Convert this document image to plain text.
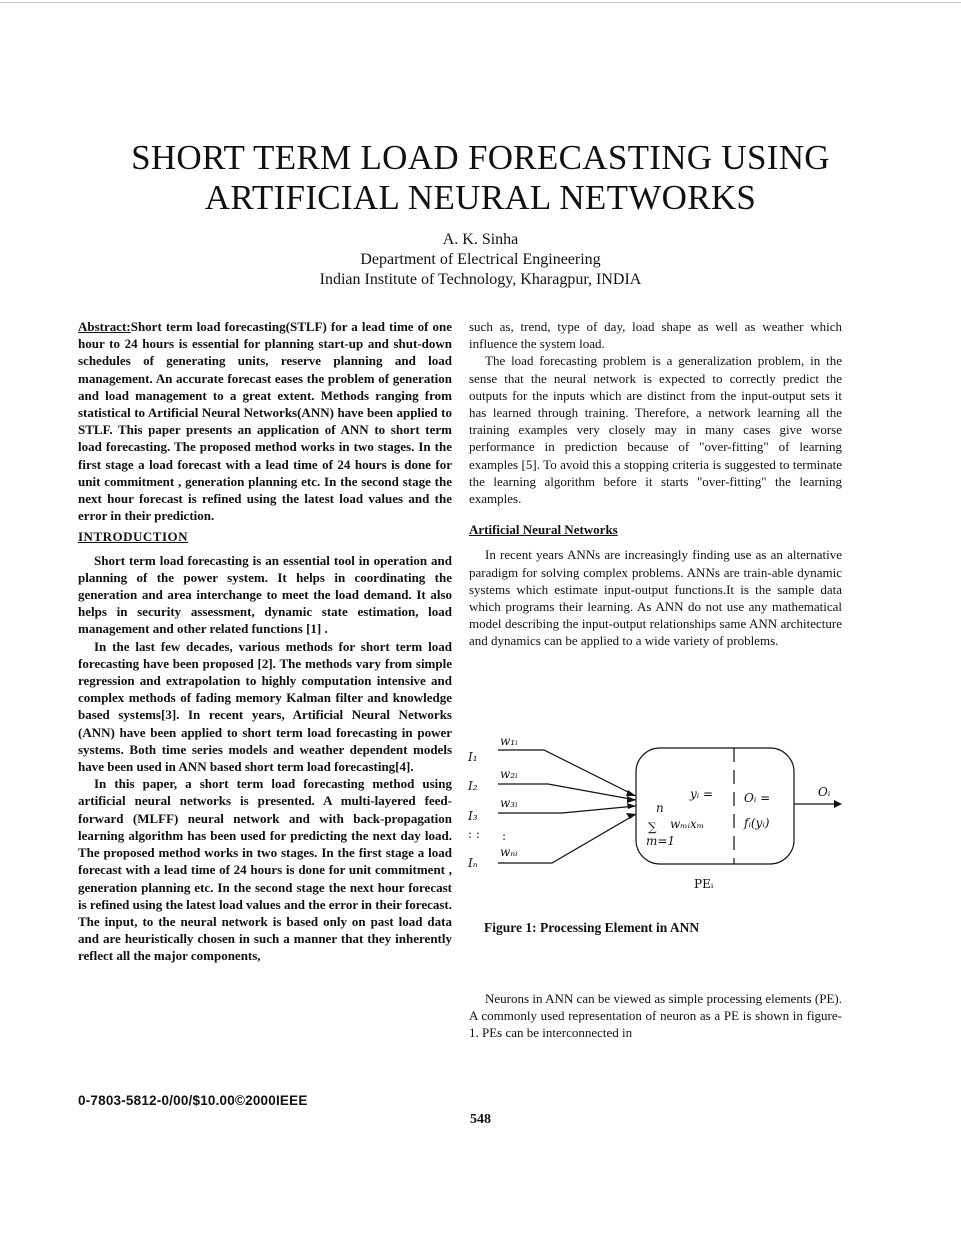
SHORT TERM LOAD FORECASTING USING
ARTIFICIAL NEURAL NETWORKS
A. K. Sinha
Department of Electrical Engineering
Indian Institute of Technology, Kharagpur, INDIA

Abstract:Short term load forecasting(STLF) for a lead time of one hour to 24 hours is essential for planning start-up and shut-down schedules of generating units, reserve planning and load management. An accurate forecast eases the problem of generation and load management to a great extent. Methods ranging from statistical to Artificial Neural Networks(ANN) have been applied to STLF. This paper presents an application of ANN to short term load forecasting. The proposed method works in two stages. In the first stage a load forecast with a lead time of 24 hours is done for unit commitment , generation planning etc. In the second stage the next hour forecast is refined using the latest load values and the error in their prediction.

INTRODUCTION

Short term load forecasting is an essential tool in operation and planning of the power system. It helps in coordinating the generation and area interchange to meet the load demand. It also helps in security assessment, dynamic state estimation, load management and other related functions [1] .

In the last few decades, various methods for short term load forecasting have been proposed [2]. The methods vary from simple regression and extrapolation to highly computation intensive and complex methods of fading memory Kalman filter and knowledge based systems[3]. In recent years, Artificial Neural Networks (ANN) have been applied to short term load forecasting in power systems. Both time series models and weather dependent models have been used in ANN based short term load forecasting[4].

In this paper, a short term load forecasting method using artificial neural networks is presented. A multi-layered feed-forward (MLFF) neural network and with back-propagation learning algorithm has been used for predicting the next day load. The proposed method works in two stages. In the first stage a load forecast with a lead time of 24 hours is done for unit commitment , generation planning etc. In the second stage the next hour forecast is refined using the latest load values and the error in their forecast. The input, to the neural network is based only on past load data and are heuristically chosen in such a manner that they inherently reflect all the major components,

such as, trend, type of day, load shape as well as weather which influence the system load.

The load forecasting problem is a generalization problem, in the sense that the neural network is expected to correctly predict the outputs for the inputs which are distinct from the input-output sets it has learned through training. Therefore, a network learning all the training examples very closely may in many cases give worse performance in prediction because of "over-fitting" of learning examples [5]. To avoid this a stopping criteria is suggested to terminate the learning algorithm before it starts "over-fitting" the learning examples.

Artificial Neural Networks

In recent years ANNs are increasingly finding use as an alternative paradigm for solving complex problems. ANNs are train-able dynamic systems which estimate input-output functions.It is the sample data which programs their learning. As ANN do not use any mathematical model describing the input-output relationships same ANN architecture and dynamics can be applied to a wide variety of problems.

I₁
I₂
I₃
Iₙ
: : :
w₁ᵢ
w₂ᵢ
w₃ᵢ
wₙᵢ
yᵢ =
n
∑ wₘᵢxₘ
m=1
Oᵢ =
fᵢ(yᵢ)
Oᵢ
PEᵢ
Figure 1: Processing Element in ANN

Neurons in ANN can be viewed as simple processing elements (PE). A commonly used representation of neuron as a PE is shown in figure-1. PEs can be interconnected in

0-7803-5812-0/00/$10.00©2000IEEE
548
